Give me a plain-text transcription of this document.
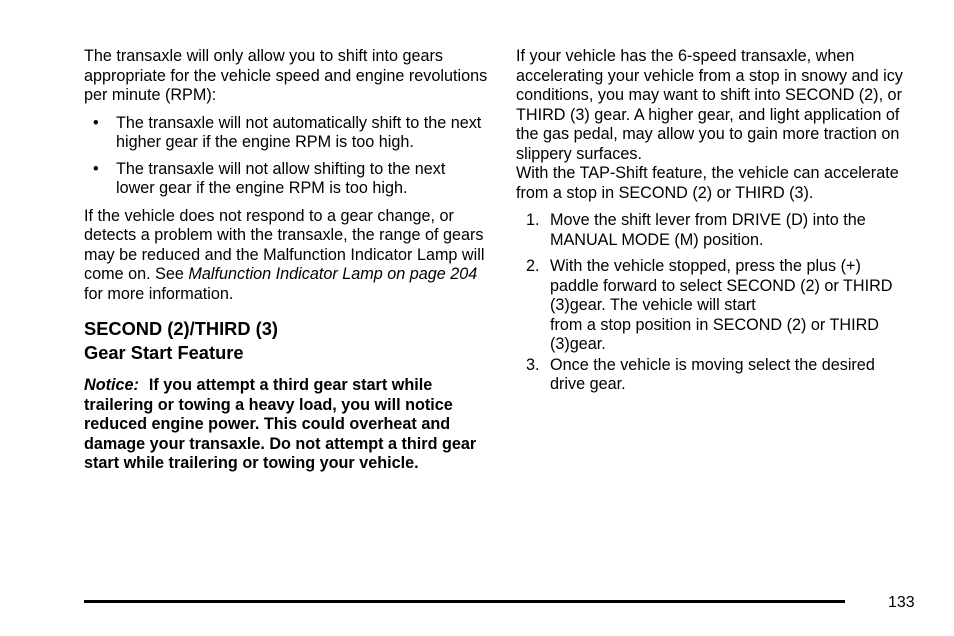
The transaxle will only allow you to shift into gears appropriate for the vehicle speed and engine revolutions per minute (RPM):

• The transaxle will not automatically shift to the next higher gear if the engine RPM is too high.
• The transaxle will not allow shifting to the next lower gear if the engine RPM is too high.

If the vehicle does not respond to a gear change, or detects a problem with the transaxle, the range of gears may be reduced and the Malfunction Indicator Lamp will come on. See Malfunction Indicator Lamp on page 204 for more information.

SECOND (2)/THIRD (3)
Gear Start Feature

Notice: If you attempt a third gear start while trailering or towing a heavy load, you will notice reduced engine power. This could overheat and damage your transaxle. Do not attempt a third gear start while trailering or towing your vehicle.

If your vehicle has the 6-speed transaxle, when accelerating your vehicle from a stop in snowy and icy conditions, you may want to shift into SECOND (2), or THIRD (3) gear. A higher gear, and light application of the gas pedal, may allow you to gain more traction on slippery surfaces.

With the TAP-Shift feature, the vehicle can accelerate from a stop in SECOND (2) or THIRD (3).

1. Move the shift lever from DRIVE (D) into the MANUAL MODE (M) position.
2. With the vehicle stopped, press the plus (+) paddle forward to select SECOND (2) or THIRD (3)gear. The vehicle will start
from a stop position in SECOND (2) or THIRD (3)gear.
3. Once the vehicle is moving select the desired drive gear.
133
